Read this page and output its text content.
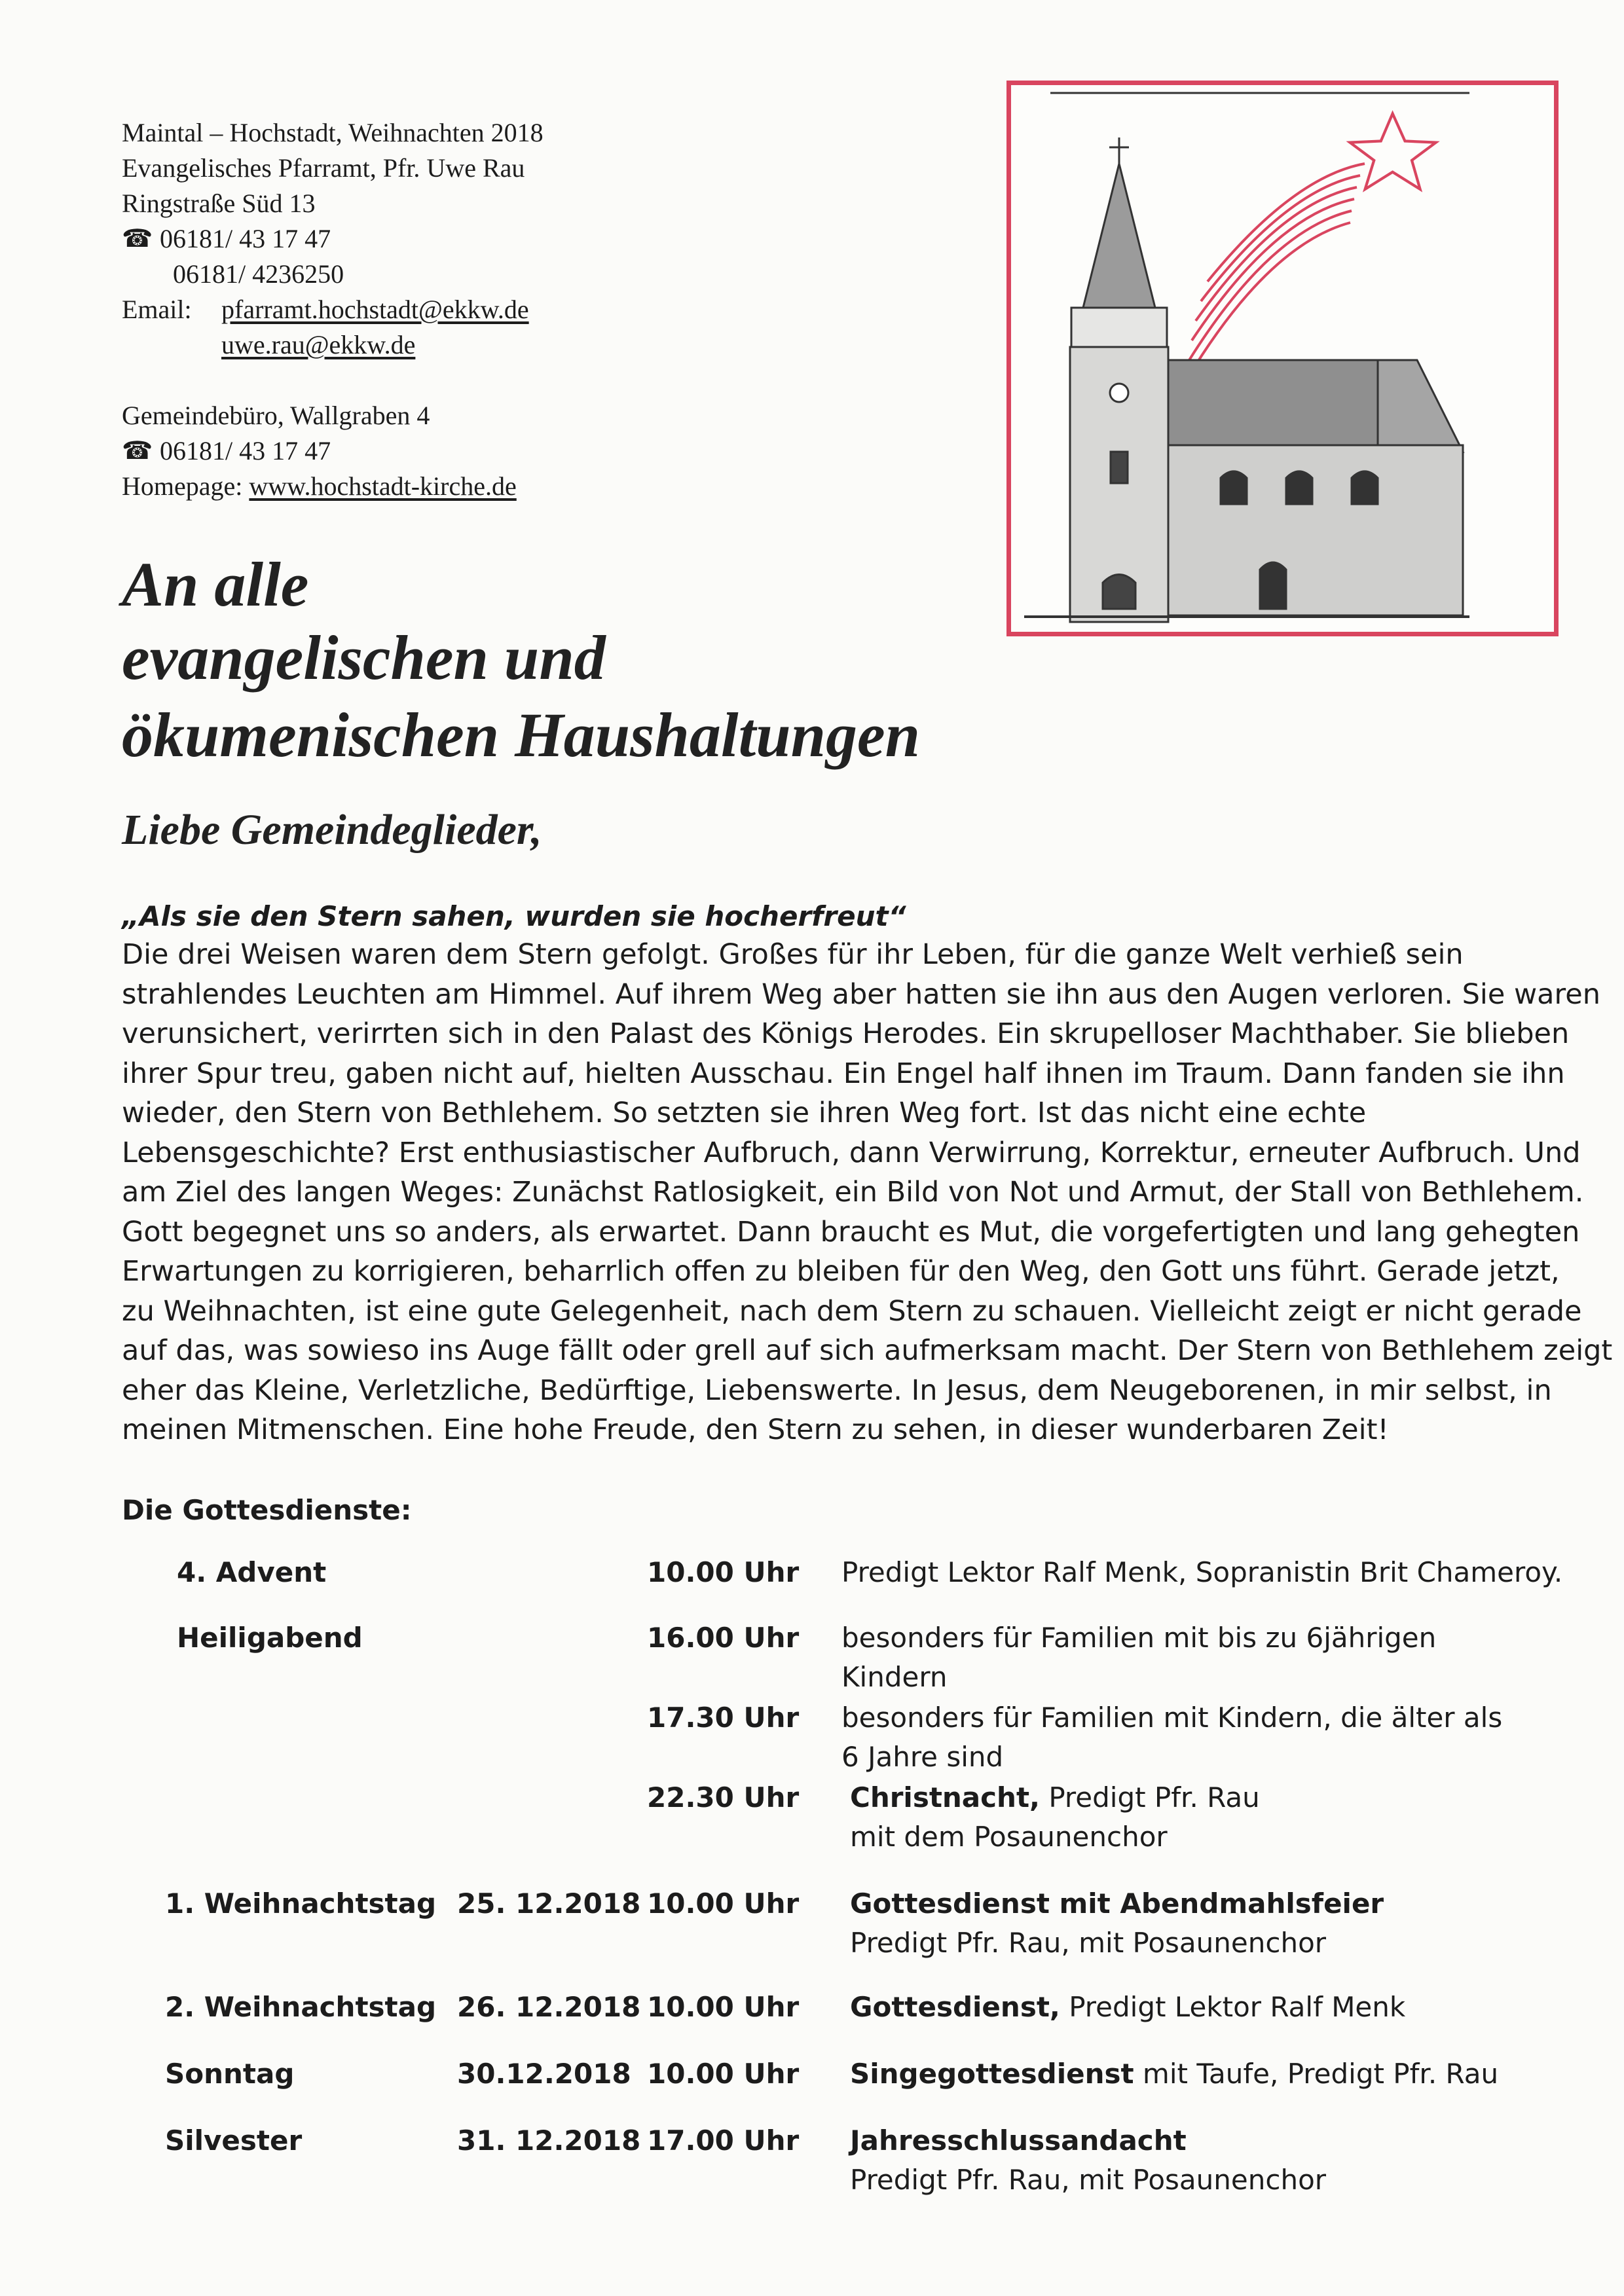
Maintal – Hochstadt, Weihnachten 2018
Evangelisches Pfarramt, Pfr. Uwe Rau
Ringstraße Süd 13
☎ 06181/ 43 17 47
06181/ 4236250
Email:	pfarramt.hochstadt@ekkw.de
uwe.rau@ekkw.de
Gemeindebüro, Wallgraben 4
☎ 06181/ 43 17 47
Homepage:
www.hochstadt-kirche.de
An alle
evangelischen und
ökumenischen Haushaltungen
Liebe Gemeindeglieder,
„Als sie den Stern sahen, wurden sie hocherfreut“
Die drei Weisen waren dem Stern gefolgt. Großes für ihr Leben, für die ganze Welt verhieß sein
strahlendes Leuchten am Himmel. Auf ihrem Weg aber hatten sie ihn aus den Augen verloren. Sie waren
verunsichert, verirrten sich in den Palast des Königs Herodes. Ein skrupelloser Machthaber. Sie blieben
ihrer Spur treu, gaben nicht auf, hielten Ausschau. Ein Engel half ihnen im Traum. Dann fanden sie ihn
wieder, den Stern von Bethlehem. So setzten sie ihren Weg fort. Ist das nicht eine echte
Lebensgeschichte? Erst enthusiastischer Aufbruch, dann Verwirrung, Korrektur, erneuter Aufbruch. Und
am Ziel des langen Weges: Zunächst Ratlosigkeit, ein Bild von Not und Armut, der Stall von Bethlehem.
Gott begegnet uns so anders, als erwartet. Dann braucht es Mut, die vorgefertigten und lang gehegten
Erwartungen zu korrigieren, beharrlich offen zu bleiben für den Weg, den Gott uns führt. Gerade jetzt,
zu Weihnachten, ist eine gute Gelegenheit, nach dem Stern zu schauen. Vielleicht zeigt er nicht gerade
auf das, was sowieso ins Auge fällt oder grell auf sich aufmerksam macht. Der Stern von Bethlehem zeigt
eher das Kleine, Verletzliche, Bedürftige, Liebenswerte. In Jesus, dem Neugeborenen, in mir selbst, in
meinen Mitmenschen. Eine hohe Freude, den Stern zu sehen, in dieser wunderbaren Zeit!
Die Gottesdienste:
4. Advent	10.00 Uhr Predigt Lektor Ralf Menk, Sopranistin Brit Chameroy.
Heiligabend	16.00 Uhr besonders für Familien mit bis zu 6jährigen
Kindern
17.30 Uhr besonders für Familien mit Kindern, die älter als
6 Jahre sind
22.30 Uhr Christnacht, Predigt Pfr. Rau
mit dem Posaunenchor
1. Weihnachtstag 25. 12.2018 10.00 Uhr Gottesdienst mit Abendmahlsfeier
Predigt Pfr. Rau, mit Posaunenchor
2. Weihnachtstag 26. 12.2018 10.00 Uhr Gottesdienst, Predigt Lektor Ralf Menk
Sonntag	30.12.2018 10.00 Uhr Singegottesdienst mit Taufe, Predigt Pfr. Rau
Silvester	31. 12.2018 17.00 Uhr Jahresschlussandacht
Predigt Pfr. Rau, mit Posaunenchor
